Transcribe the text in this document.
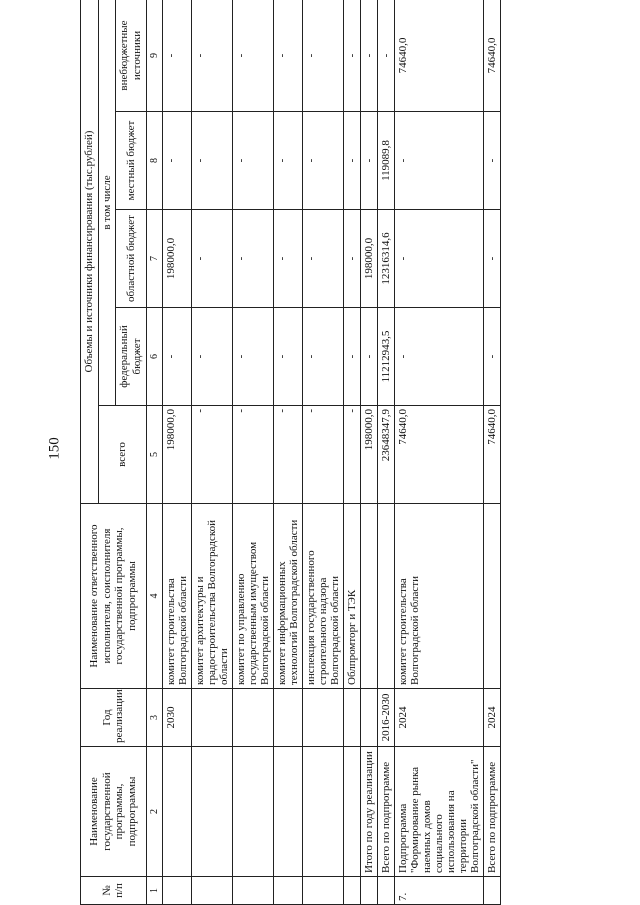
150
№ п/п	Наименование государственной программы, подпрограммы	Год реализации	Наименование ответственного исполнителя, соисполнителя государственной программы, подпрограммы	Объемы и источники финансирования (тыс.рублей)				
				всего	в том числе			
					федеральный бюджет	областной бюджет	местный бюджет	внебюджетные источники
1	2	3	4	5	6	7	8	9
		2030	комитет строительства Волгоградской области	198000,0	-	198000,0	-	-
			комитет архитектуры и градостроительства Волгоградской области	-	-	-	-	-
			комитет по управлению государственным имуществом Волгоградской области	-	-	-	-	-
			комитет информационных технологий Волгоградской области	-	-	-	-	-
			инспекция государственного строительного надзора Волгоградской области	-	-	-	-	-
			Облпромторг и ТЭК	-	-	-	-	-
	Итого по году реализации			198000,0	-	198000,0	-	-
	Всего по подпрограмме	2016-2030		23648347,9	11212943,5	12316314,6	119089,8	-
7.	Подпрограмма "Формирование рынка наемных домов социального использования на территории Волгоградской области"	2024	комитет строительства Волгоградской области	74640,0	-	-	-	74640,0
	Всего по подпрограмме	2024		74640,0	-	-	-	74640,0
